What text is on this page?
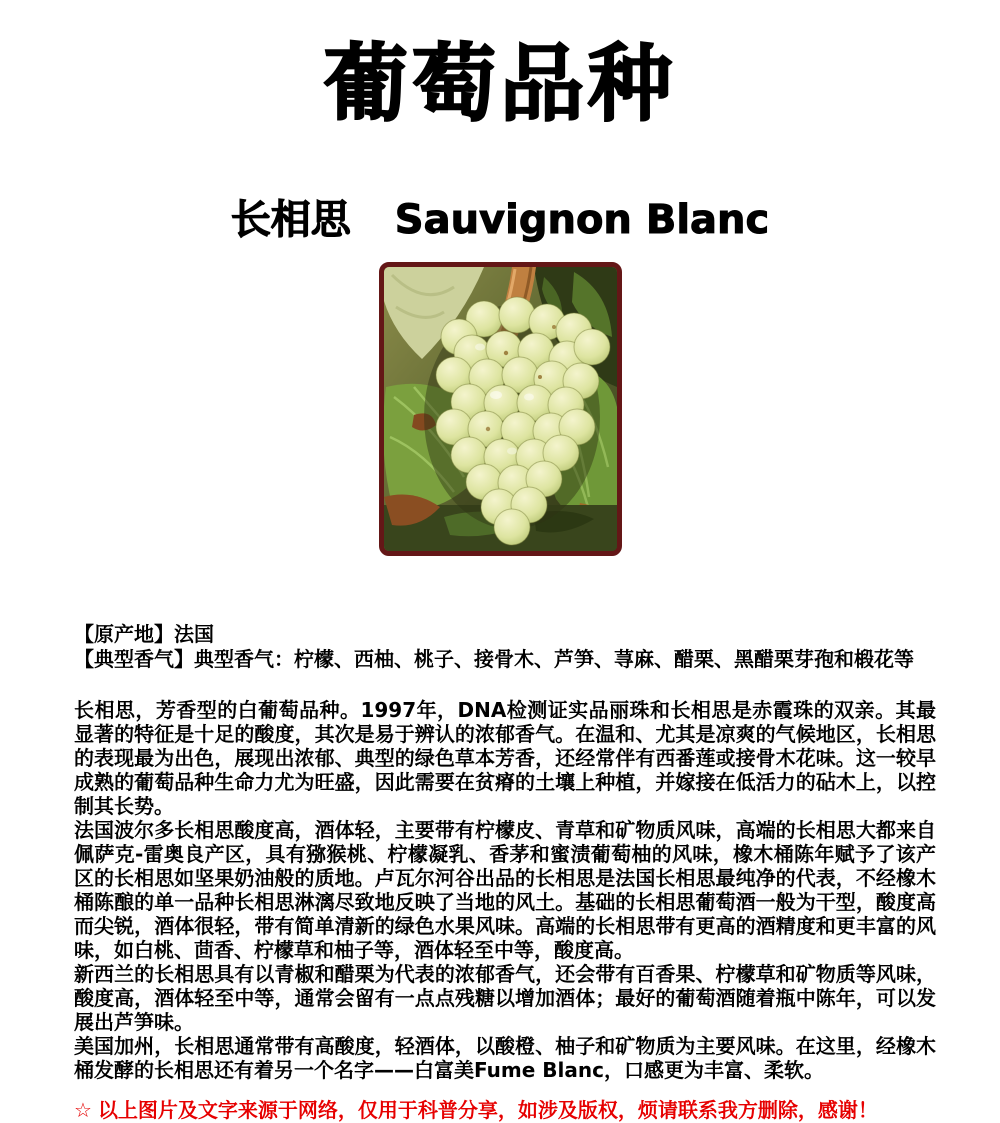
葡萄品种
长相思 Sauvignon Blanc
【原产地】法国
【典型香气】典型香气：柠檬、西柚、桃子、接骨木、芦笋、荨麻、醋栗、黑醋栗芽孢和椴花等

长相思，芳香型的白葡萄品种。1997年，DNA检测证实品丽珠和长相思是赤霞珠的双亲。其最显著的特征是十足的酸度，其次是易于辨认的浓郁香气。在温和、尤其是凉爽的气候地区，长相思的表现最为出色，展现出浓郁、典型的绿色草本芳香，还经常伴有西番莲或接骨木花味。这一较早成熟的葡萄品种生命力尤为旺盛，因此需要在贫瘠的土壤上种植，并嫁接在低活力的砧木上，以控制其长势。

法国波尔多长相思酸度高，酒体轻，主要带有柠檬皮、青草和矿物质风味，高端的长相思大都来自佩萨克-雷奥良产区，具有猕猴桃、柠檬凝乳、香茅和蜜渍葡萄柚的风味，橡木桶陈年赋予了该产区的长相思如坚果奶油般的质地。卢瓦尔河谷出品的长相思是法国长相思最纯净的代表，不经橡木桶陈酿的单一品种长相思淋漓尽致地反映了当地的风土。基础的长相思葡萄酒一般为干型，酸度高而尖锐，酒体很轻，带有简单清新的绿色水果风味。高端的长相思带有更高的酒精度和更丰富的风味，如白桃、茴香、柠檬草和柚子等，酒体轻至中等，酸度高。

新西兰的长相思具有以青椒和醋栗为代表的浓郁香气，还会带有百香果、柠檬草和矿物质等风味，酸度高，酒体轻至中等，通常会留有一点点残糖以增加酒体；最好的葡萄酒随着瓶中陈年，可以发展出芦笋味。

美国加州，长相思通常带有高酸度，轻酒体，以酸橙、柚子和矿物质为主要风味。在这里，经橡木桶发酵的长相思还有着另一个名字——白富美Fume Blanc，口感更为丰富、柔软。

☆ 以上图片及文字来源于网络，仅用于科普分享，如涉及版权，烦请联系我方删除，感谢！
